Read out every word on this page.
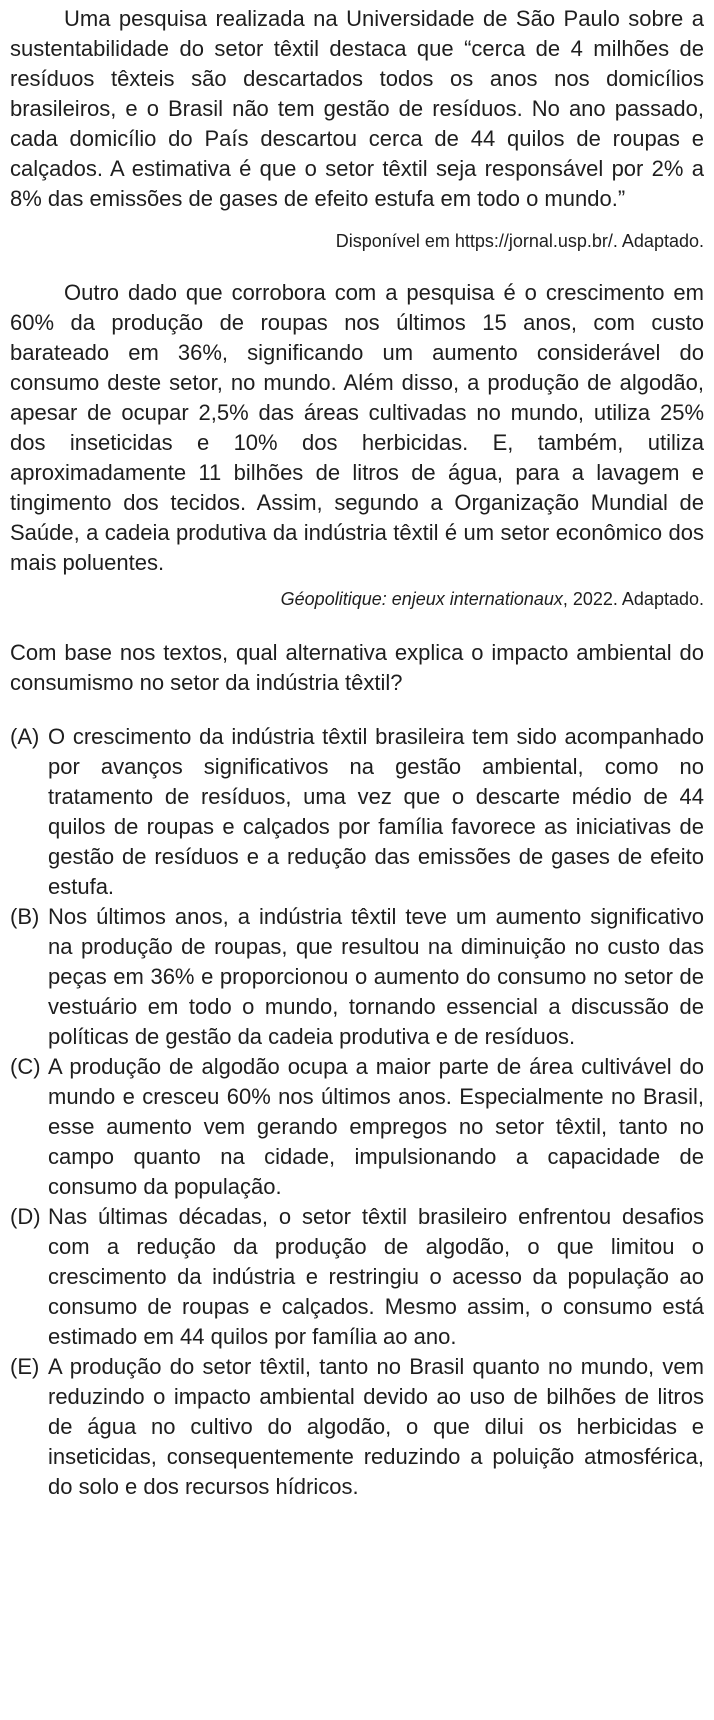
Uma pesquisa realizada na Universidade de São Paulo sobre a sustentabilidade do setor têxtil destaca que “cerca de 4 milhões de resíduos têxteis são descartados todos os anos nos domicílios brasileiros, e o Brasil não tem gestão de resíduos. No ano passado, cada domicílio do País descartou cerca de 44 quilos de roupas e calçados. A estimativa é que o setor têxtil seja responsável por 2% a 8% das emissões de gases de efeito estufa em todo o mundo.”

Disponível em https://jornal.usp.br/. Adaptado.

Outro dado que corrobora com a pesquisa é o crescimento em 60% da produção de roupas nos últimos 15 anos, com custo barateado em 36%, significando um aumento considerável do consumo deste setor, no mundo. Além disso, a produção de algodão, apesar de ocupar 2,5% das áreas cultivadas no mundo, utiliza 25% dos inseticidas e 10% dos herbicidas. E, também, utiliza aproximadamente 11 bilhões de litros de água, para a lavagem e tingimento dos tecidos. Assim, segundo a Organização Mundial de Saúde, a cadeia produtiva da indústria têxtil é um setor econômico dos mais poluentes.

Géopolitique: enjeux internationaux, 2022. Adaptado.

Com base nos textos, qual alternativa explica o impacto ambiental do consumismo no setor da indústria têxtil?

(A) O crescimento da indústria têxtil brasileira tem sido acompanhado por avanços significativos na gestão ambiental, como no tratamento de resíduos, uma vez que o descarte médio de 44 quilos de roupas e calçados por família favorece as iniciativas de gestão de resíduos e a redução das emissões de gases de efeito estufa.
(B) Nos últimos anos, a indústria têxtil teve um aumento significativo na produção de roupas, que resultou na diminuição no custo das peças em 36% e proporcionou o aumento do consumo no setor de vestuário em todo o mundo, tornando essencial a discussão de políticas de gestão da cadeia produtiva e de resíduos.
(C) A produção de algodão ocupa a maior parte de área cultivável do mundo e cresceu 60% nos últimos anos. Especialmente no Brasil, esse aumento vem gerando empregos no setor têxtil, tanto no campo quanto na cidade, impulsionando a capacidade de consumo da população.
(D) Nas últimas décadas, o setor têxtil brasileiro enfrentou desafios com a redução da produção de algodão, o que limitou o crescimento da indústria e restringiu o acesso da população ao consumo de roupas e calçados. Mesmo assim, o consumo está estimado em 44 quilos por família ao ano.
(E) A produção do setor têxtil, tanto no Brasil quanto no mundo, vem reduzindo o impacto ambiental devido ao uso de bilhões de litros de água no cultivo do algodão, o que dilui os herbicidas e inseticidas, consequentemente reduzindo a poluição atmosférica, do solo e dos recursos hídricos.
